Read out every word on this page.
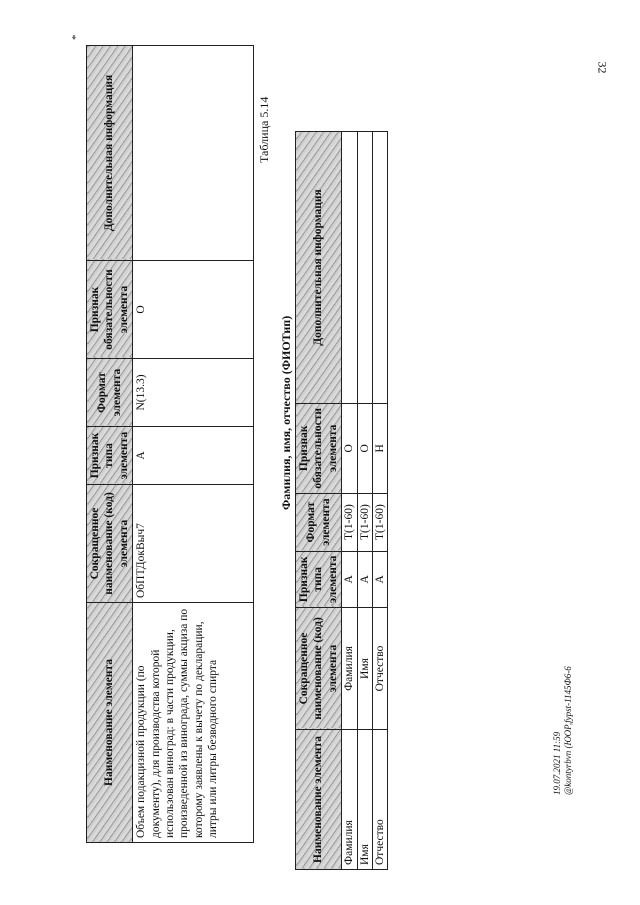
32
*
Наименование элемента	Сокращенное наименование (код) элемента	Признак типа элемента	Формат элемента	Признак обязательности элемента	Дополнительная информация
Объем подакцизной продукции (по документу), для производства которой использован виноград: в части продукции, произведенной из винограда, суммы акциза по которому заявлены к вычету по декларации, литры или литры безводного спирта	ОбПТДокВыч7	А	N(13.3)	О	
Таблица 5.14
Фамилия, имя, отчество (ФИОТип)
Наименование элемента	Сокращенное наименование (код) элемента	Признак типа элемента	Формат элемента	Признак обязательности элемента	Дополнительная информация
Фамилия	Фамилия	А	T(1-60)	О	
Имя	Имя	А	T(1-60)	О	
Отчество	Отчество	А	T(1-60)	Н	
19.07.2021 11:59 @kontyrbvn (ЮОР,fypst-1145Ф6-6
